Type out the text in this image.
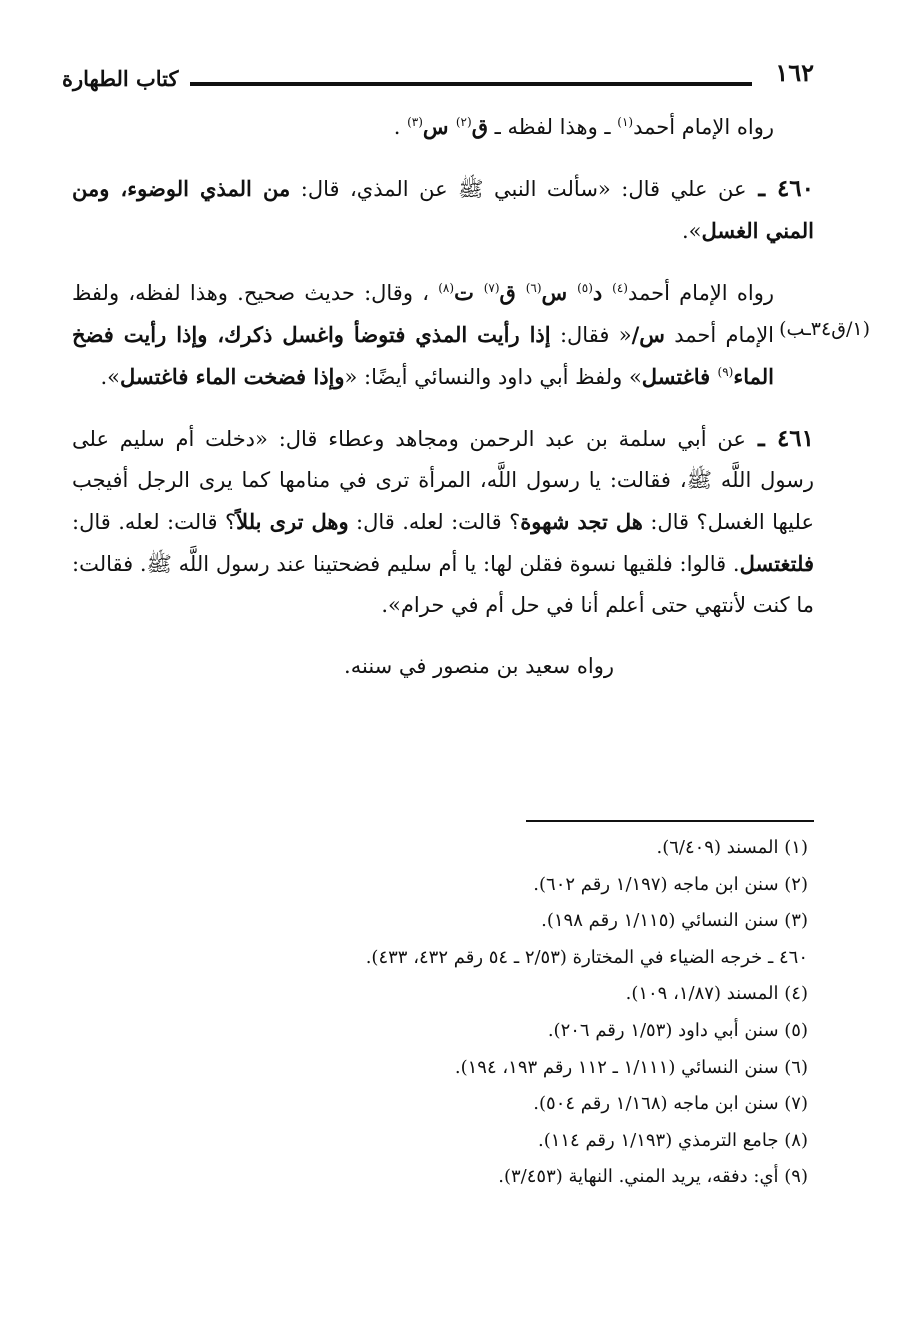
١٦٢
كتاب الطهارة
رواه الإمام أحمد$^{(١)}$ ـ وهذا لفظه ـ ق$^{(٢)}$ س$^{(٣)}$ .
٤٦٠ ـ عن علي قال: «سألت النبي ﷺ عن المذي، قال: من المذي الوضوء، ومن المني الغسل».
رواه الإمام أحمد$^{(٤)}$ د$^{(٥)}$ س$^{(٦)}$ ق$^{(٧)}$ ت$^{(٨)}$ ، وقال: حديث صحيح. وهذا لفظه، ولفظ الإمام أحمد س/« فقال: إذا رأيت المذي فتوضأ واغسل ذكرك، وإذا رأيت فضخ الماء$^{(٩)}$ فاغتسل» ولفظ أبي داود والنسائي أيضًا: «وإذا فضخت الماء فاغتسل».
٤٦١ ـ عن أبي سلمة بن عبد الرحمن ومجاهد وعطاء قال: «دخلت أم سليم على رسول اللَّه ﷺ، فقالت: يا رسول اللَّه، المرأة ترى في منامها كما يرى الرجل أفيجب عليها الغسل؟ قال: هل تجد شهوة؟ قالت: لعله. قال: وهل ترى بللاً؟ قالت: لعله. قال: فلتغتسل. قالوا: فلقيها نسوة فقلن لها: يا أم سليم فضحتينا عند رسول اللَّه ﷺ. فقالت: ما كنت لأنتهي حتى أعلم أنا في حل أم في حرام».
رواه سعيد بن منصور في سننه.
(١/ق٣٤ـب)
(١) المسند (٦/٤٠٩).
(٢) سنن ابن ماجه (١/١٩٧ رقم ٦٠٢).
(٣) سنن النسائي (١/١١٥ رقم ١٩٨).
٤٦٠ ـ خرجه الضياء في المختارة (٢/٥٣ ـ ٥٤ رقم ٤٣٢، ٤٣٣).
(٤) المسند (١/٨٧، ١٠٩).
(٥) سنن أبي داود (١/٥٣ رقم ٢٠٦).
(٦) سنن النسائي (١/١١١ ـ ١١٢ رقم ١٩٣، ١٩٤).
(٧) سنن ابن ماجه (١/١٦٨ رقم ٥٠٤).
(٨) جامع الترمذي (١/١٩٣ رقم ١١٤).
(٩) أي: دفقه، يريد المني. النهاية (٣/٤٥٣).
